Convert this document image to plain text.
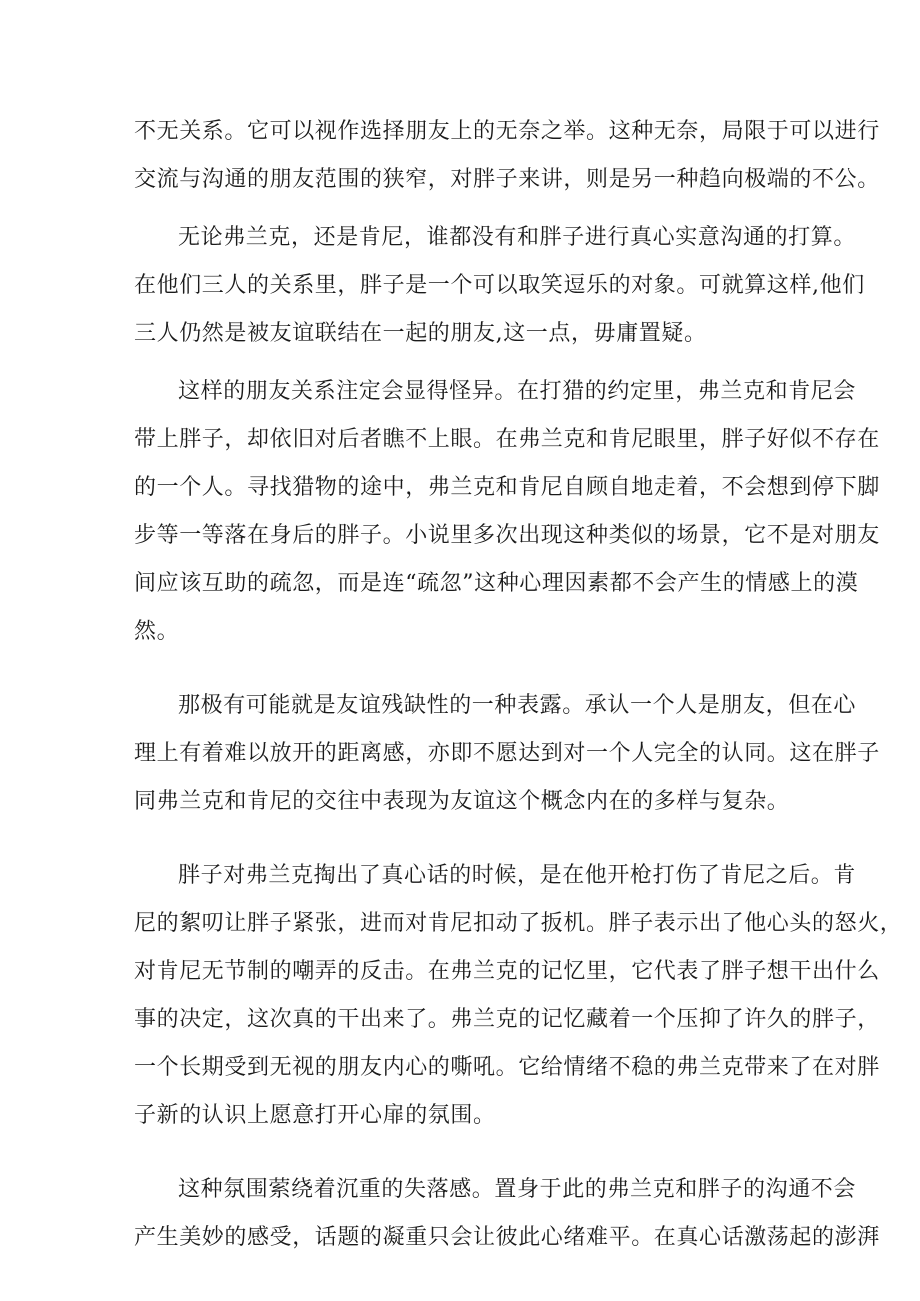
不无关系。它可以视作选择朋友上的无奈之举。这种无奈，局限于可以进行
交流与沟通的朋友范围的狭窄，对胖子来讲，则是另一种趋向极端的不公。
无论弗兰克，还是肯尼，谁都没有和胖子进行真心实意沟通的打算。
在他们三人的关系里，胖子是一个可以取笑逗乐的对象。可就算这样,他们
三人仍然是被友谊联结在一起的朋友,这一点，毋庸置疑。
这样的朋友关系注定会显得怪异。在打猎的约定里，弗兰克和肯尼会
带上胖子，却依旧对后者瞧不上眼。在弗兰克和肯尼眼里，胖子好似不存在
的一个人。寻找猎物的途中，弗兰克和肯尼自顾自地走着，不会想到停下脚
步等一等落在身后的胖子。小说里多次出现这种类似的场景，它不是对朋友
间应该互助的疏忽，而是连“疏忽”这种心理因素都不会产生的情感上的漠
然。
那极有可能就是友谊残缺性的一种表露。承认一个人是朋友，但在心
理上有着难以放开的距离感，亦即不愿达到对一个人完全的认同。这在胖子
同弗兰克和肯尼的交往中表现为友谊这个概念内在的多样与复杂。
胖子对弗兰克掏出了真心话的时候，是在他开枪打伤了肯尼之后。肯
尼的絮叨让胖子紧张，进而对肯尼扣动了扳机。胖子表示出了他心头的怒火，
对肯尼无节制的嘲弄的反击。在弗兰克的记忆里，它代表了胖子想干出什么
事的决定，这次真的干出来了。弗兰克的记忆藏着一个压抑了许久的胖子，
一个长期受到无视的朋友内心的嘶吼。它给情绪不稳的弗兰克带来了在对胖
子新的认识上愿意打开心扉的氛围。
这种氛围萦绕着沉重的失落感。置身于此的弗兰克和胖子的沟通不会
产生美妙的感受，话题的凝重只会让彼此心绪难平。在真心话激荡起的澎湃
